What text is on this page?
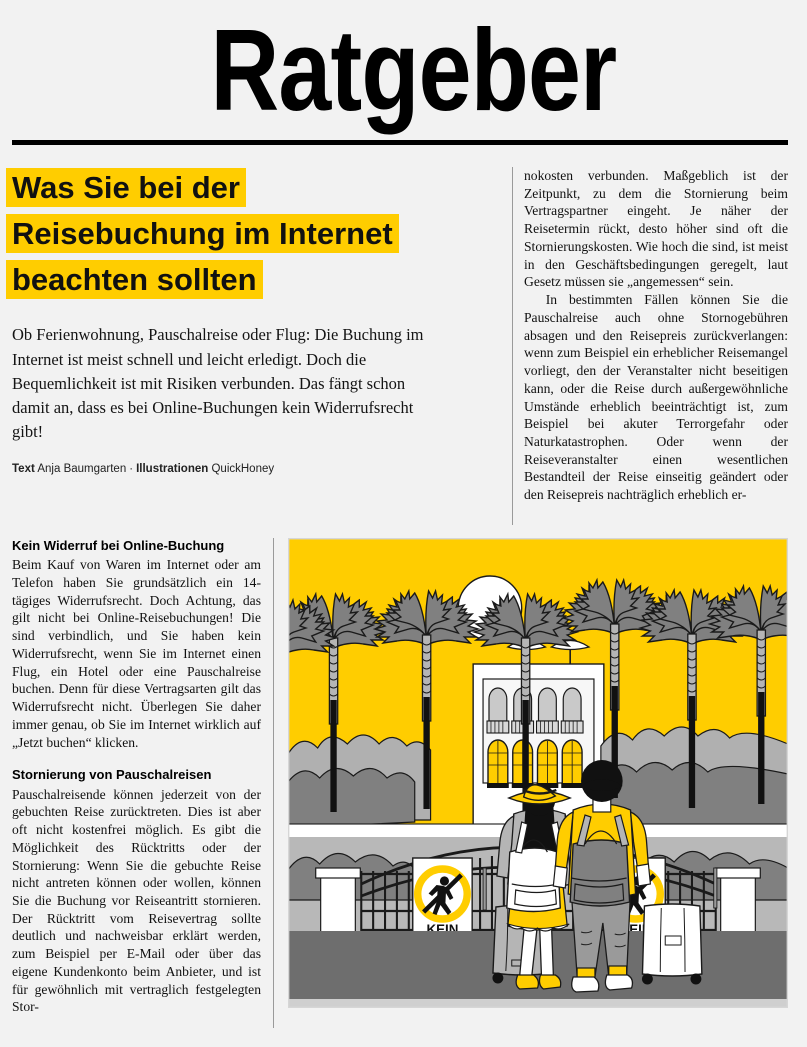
Ratgeber
Was Sie bei der
Reisebuchung im Internet
beachten sollten

Ob Ferienwohnung, Pauschalreise oder Flug: Die Buchung im Internet ist meist schnell und leicht erledigt. Doch die Bequemlichkeit ist mit Risiken verbunden. Das fängt schon damit an, dass es bei Online-Buchungen kein Widerrufsrecht gibt!

Text Anja Baumgarten · Illustrationen QuickHoney

nokosten verbunden. Maßgeblich ist der Zeitpunkt, zu dem die Stornierung beim Vertragspartner eingeht. Je näher der Reisetermin rückt, desto höher sind oft die Stornierungskosten. Wie hoch die sind, ist meist in den Geschäftsbedingungen geregelt, laut Gesetz müssen sie „angemessen“ sein.

In bestimmten Fällen können Sie die Pauschalreise auch ohne Stornogebühren absagen und den Reisepreis zurückverlangen: wenn zum Beispiel ein erheblicher Reisemangel vorliegt, den der Veranstalter nicht beseitigen kann, oder die Reise durch außergewöhnliche Umstände erheblich beeinträchtigt ist, zum Beispiel bei akuter Terrorgefahr oder Naturkatastrophen. Oder wenn der Reiseveranstalter einen wesentlichen Bestandteil der Reise einseitig geändert oder den Reisepreis nachträglich erheblich er-

Kein Widerruf bei Online-Buchung

Beim Kauf von Waren im Internet oder am Telefon haben Sie grundsätzlich ein 14-tägiges Widerrufsrecht. Doch Achtung, das gilt nicht bei Online-Reisebuchungen! Die sind verbindlich, und Sie haben kein Widerrufsrecht, wenn Sie im Internet einen Flug, ein Hotel oder eine Pauschalreise buchen. Denn für diese Vertragsarten gilt das Widerrufsrecht nicht. Überlegen Sie daher immer genau, ob Sie im Internet wirklich auf „Jetzt buchen“ klicken.

Stornierung von Pauschalreisen

Pauschalreisende können jederzeit von der gebuchten Reise zurücktreten. Dies ist aber oft nicht kostenfrei möglich. Es gibt die Möglichkeit des Rücktritts oder der Stornierung: Wenn Sie die gebuchte Reise nicht antreten können oder wollen, können Sie die Buchung vor Reiseantritt stornieren. Der Rücktritt vom Reisevertrag sollte deutlich und nachweisbar erklärt werden, zum Beispiel per E-Mail oder über das eigene Kundenkonto beim Anbieter, und ist für gewöhnlich mit vertraglich festgelegten Stor-
